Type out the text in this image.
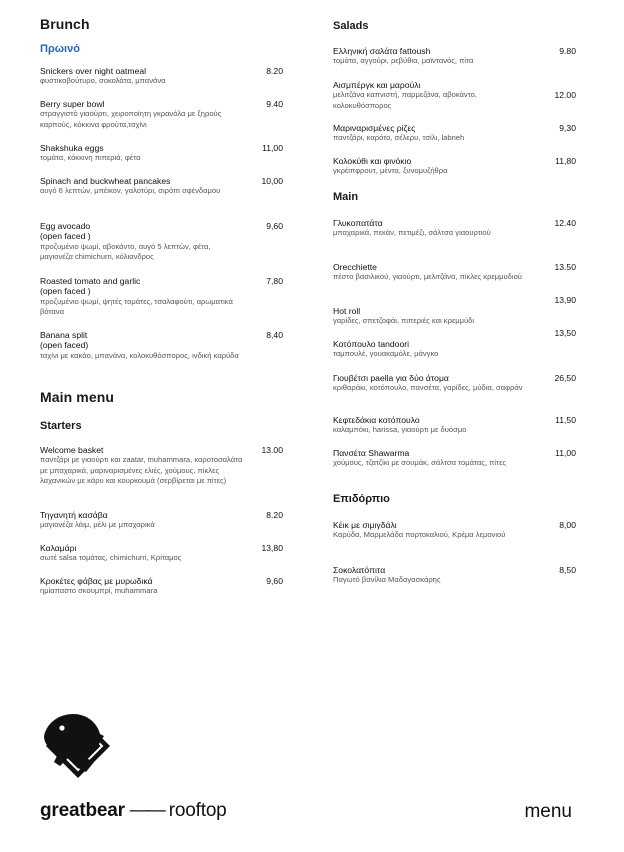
Brunch
Πρωινό
Snickers over night oatmeal
φυστικοβούτυρο, σοκολάτα, μπανάνα
8.20
Berry super bowl
στραγγιστό γιαούρτι, χειροποίητη γκρανόλα με ξηρούς καρπούς, κόκκινα φρούτα,ταχίνι
9.40
Shakshuka eggs
τομάτα, κόκκινη πιπεριά, φέτα
11,00
Spinach and buckwheat pancakes
αυγό 6 λεπτών, μπέικον, γαλοτύρι, σιρόπι σφένδαμου
10,00
Egg avocado
(open faced )
προζυμένιο ψωμί, αβοκάντο, αυγό 5 λεπτών, φέτα, μαγιονέζα chimichurri, κόλιανδρος
9,60
Roasted tomato and garlic
(open faced )
προζυμένιο ψωμί, ψητές τομάτες, τσαλαφούτι, αρωματικά βότανα
7,80
Banana split
(open faced)
ταχίνι με κακάο, μπανάνα, κολοκυθόσπορος, ινδική καρύδα
8,40
Main menu
Starters
Welcome basket
παντζάρι με γιαούρτι και zaatar, muhammara, καροτοσαλάτα με μπαχαρικά, μαριναρισμένες ελιές, χούμους, πίκλες λαχανικών με κάρυ και κουρκουμά (σερβίρεται με πίτες)
13.00
Τηγανητή κασάβα
μαγιονέζα λάιμ, μέλι με μπαχαρικά
8.20
Καλαμάρι
σωτέ salsa τομάτας, chimichurri, Κρίταμος
13,80
Κροκέτες φάβας με μυρωδικά
ημίαπαστο σκουμπρί, muhammara
9,60
Salads
Ελληνική σαλάτα fattoush
τομάτα, αγγούρι, ρεβύθια, μαϊντανός, πίτα
9.80
Αισμπέργκ και μαρούλι
μελιτζάνα καπνιστή, παρμεζάνα, αβοκάντο, κολοκυθόσπορος
12.00
Μαριναρισμένες ρίζες
παντζάρι, καρότο, σέλερυ, τσίλι, labneh
9,30
Κολοκύθι και φινόκιο
γκρέιπφρουτ, μέντα, ξυνομυζήθρα
11,80
Main
Γλυκοπατάτα
μπαχαρικά, πεκάν, πετιμέζι, σάλτσα γιαουρτιού
12.40
Orecchiette
πέστο βασιλικού, γιαούρτι, μελιτζάνα, πίκλες κρεμμυδιού
13.50
Hot roll
γαρίδες, σπετζοφάι, πιπεριές και κρεμμύδι
13,90
Κοτόπουλο tandoori
ταμπουλέ, γουακαμόλε, μάνγκο
13,50
Γιουβέτσι paella για δύο άτομα
κριθαράκι, κοτόπουλο, πανσέτα, γαρίδες, μύδια, σαφράν
26,50
Κεφτεδάκια κοτόπουλο
καλαμπόκι, harissa, γιαούρτι με δυόσμο
11,50
Πανσέτα Shawarma
χούμους, τζατζίκι με σουμάκ, σάλτσα τομάτας, πίτες
11,00
Επιδόρπιο
Κέικ με σιμιγδάλι
Καρύδα, Μαρμελάδα πορτοκαλιού, Κρέμα λεμονιού
8,00
Σοκολατόπιτα
Παγωτό βανίλια Μαδαγασκάρης
8,50
greatbear —— rooftop	menu
